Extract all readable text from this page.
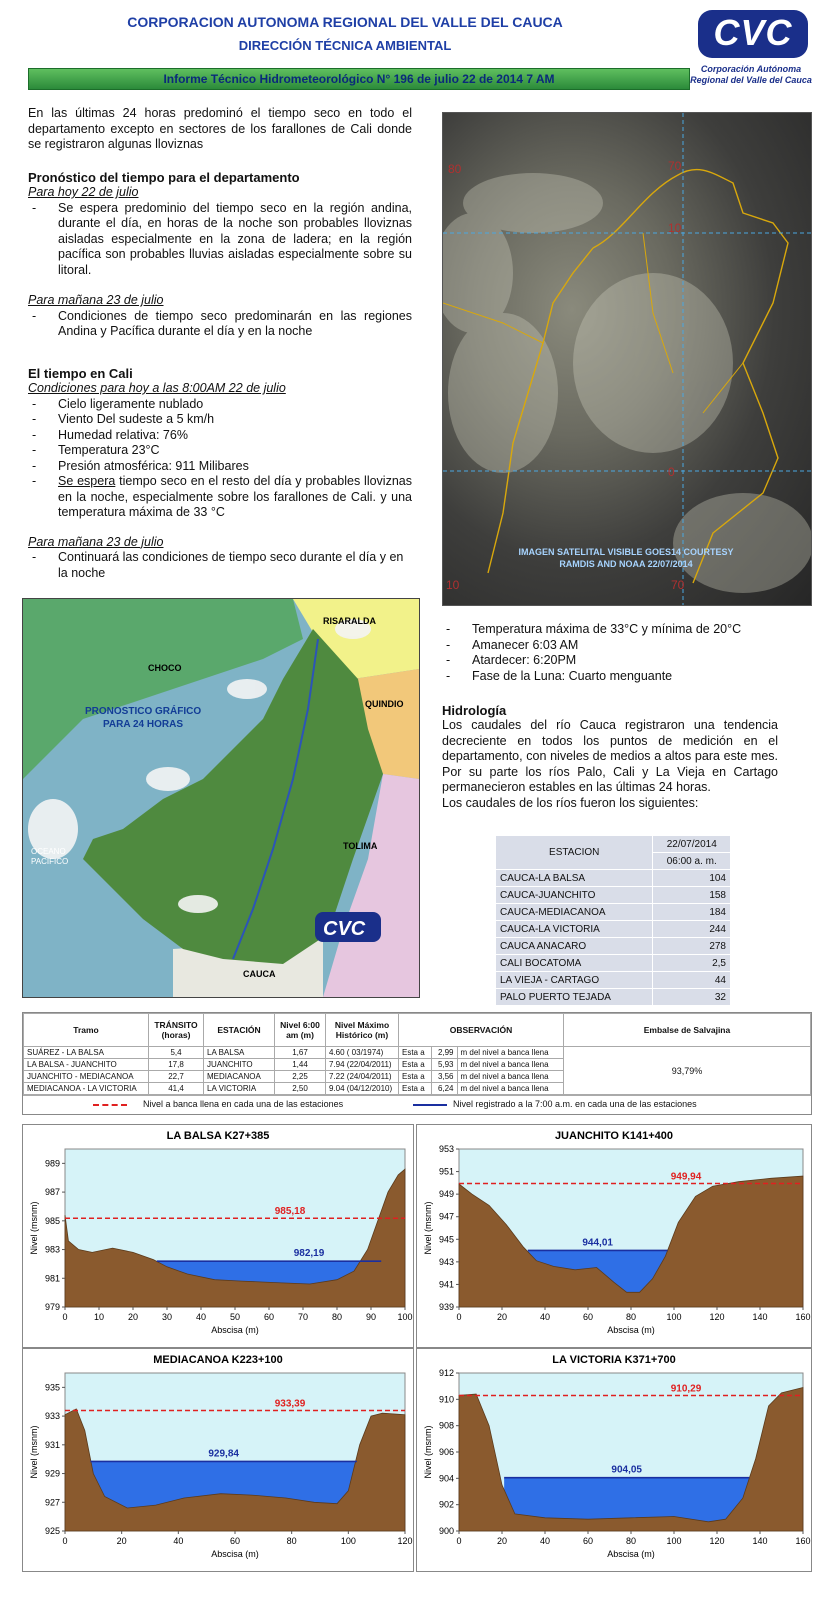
CORPORACION AUTONOMA REGIONAL DEL VALLE DEL CAUCA
DIRECCIÓN TÉCNICA AMBIENTAL
Informe Técnico Hidrometeorológico N° 196 de julio 22 de 2014 7 AM
CVC
Corporación Autónoma Regional del Valle del Cauca
En las últimas 24 horas predominó el tiempo seco en todo el departamento excepto en sectores de los farallones de Cali donde se registraron algunas lloviznas
Pronóstico del tiempo para el departamento
Para hoy 22 de julio
- Se espera predominio del tiempo seco en la región andina, durante el día, en horas de la noche son probables lloviznas aisladas especialmente en la zona de ladera; en la región pacífica son probables lluvias aisladas especialmente sobre su litoral.
Para mañana 23 de julio
- Condiciones de tiempo seco predominarán en las regiones Andina y Pacífica durante el día y en la noche
El tiempo en Cali
Condiciones para hoy a las 8:00AM 22 de julio
- Cielo ligeramente nublado
- Viento Del sudeste a 5 km/h
- Humedad relativa: 76%
- Temperatura 23°C
- Presión atmosférica: 911 Milibares
- Se espera tiempo seco en el resto del día y probables lloviznas en la noche, especialmente sobre los farallones de Cali. y una temperatura máxima de 33 °C
Para mañana 23 de julio
- Continuará las condiciones de tiempo seco durante el día y en la noche
80	70
10
0
10	70
IMAGEN SATELITAL VISIBLE GOES14 COURTESY
RAMDIS AND NOAA 22/07/2014
RISARALDA
CHOCO
QUINDIO
PRONOSTICO GRÁFICO
PARA 24 HORAS
OCEANO
PACIFICO
TOLIMA
CAUCA
CVC
- Temperatura máxima de 33°C y mínima de 20°C
- Amanecer 6:03 AM
- Atardecer: 6:20PM
- Fase de la Luna: Cuarto menguante
Hidrología
Los caudales del río Cauca registraron una tendencia decreciente en todos los puntos de medición en el departamento, con niveles de medios a altos para este mes. Por su parte los ríos Palo, Cali y La Vieja en Cartago permanecieron estables en las últimas 24 horas.
Los caudales de los ríos fueron los siguientes:
ESTACION	22/07/2014
	06:00 a. m.
CAUCA-LA BALSA	104
CAUCA-JUANCHITO	158
CAUCA-MEDIACANOA	184
CAUCA-LA VICTORIA	244
CAUCA ANACARO	278
CALI BOCATOMA	2,5
LA VIEJA - CARTAGO	44
PALO PUERTO TEJADA	32
Tramo	TRÁNSITO (horas)	ESTACIÓN	Nivel 6:00 am (m)	Nivel Máximo Histórico (m)	OBSERVACIÓN			Embalse de Salvajina
SUÁREZ - LA BALSA	5,4	LA BALSA	1,67	4.60 ( 03/1974)	Esta a	2,99	m del nivel a banca llena	93,79%
LA BALSA - JUANCHITO	17,8	JUANCHITO	1,44	7.94 (22/04/2011)	Esta a	5,93	m del nivel a banca llena	
JUANCHITO - MEDIACANOA	22,7	MEDIACANOA	2,25	7.22 (24/04/2011)	Esta a	3,56	m del nivel a banca llena	
MEDIACANOA - LA VICTORIA	41,4	LA VICTORIA	2,50	9.04 (04/12/2010)	Esta a	6,24	m del nivel a banca llena	
Nivel a banca llena en cada una de las estaciones	Nivel registrado a la 7:00 a.m. en cada una de las estaciones
LA BALSA K27+385
985,18
982,19
979
981
983
985
987
989
0	10	20	30	40	50	60	70	80	90 100
Abscisa (m)
Nivel (msnm)
JUANCHITO K141+400
949,94
944,01
939
941
943
945
947
949
951
953
0	20	40	60	80	100	120	140	160
Abscisa (m)
Nivel (msnm)
MEDIACANOA K223+100
933,39
929,84
925
927
929
931
933
935
0	20	40	60	80	100	120
Abscisa (m)
Nivel (msnm)
LA VICTORIA K371+700
910,29
904,05
900
902
904
906
908
910
912
0	20	40	60	80	100	120	140	160
Abscisa (m)
Nivel (msnm)
